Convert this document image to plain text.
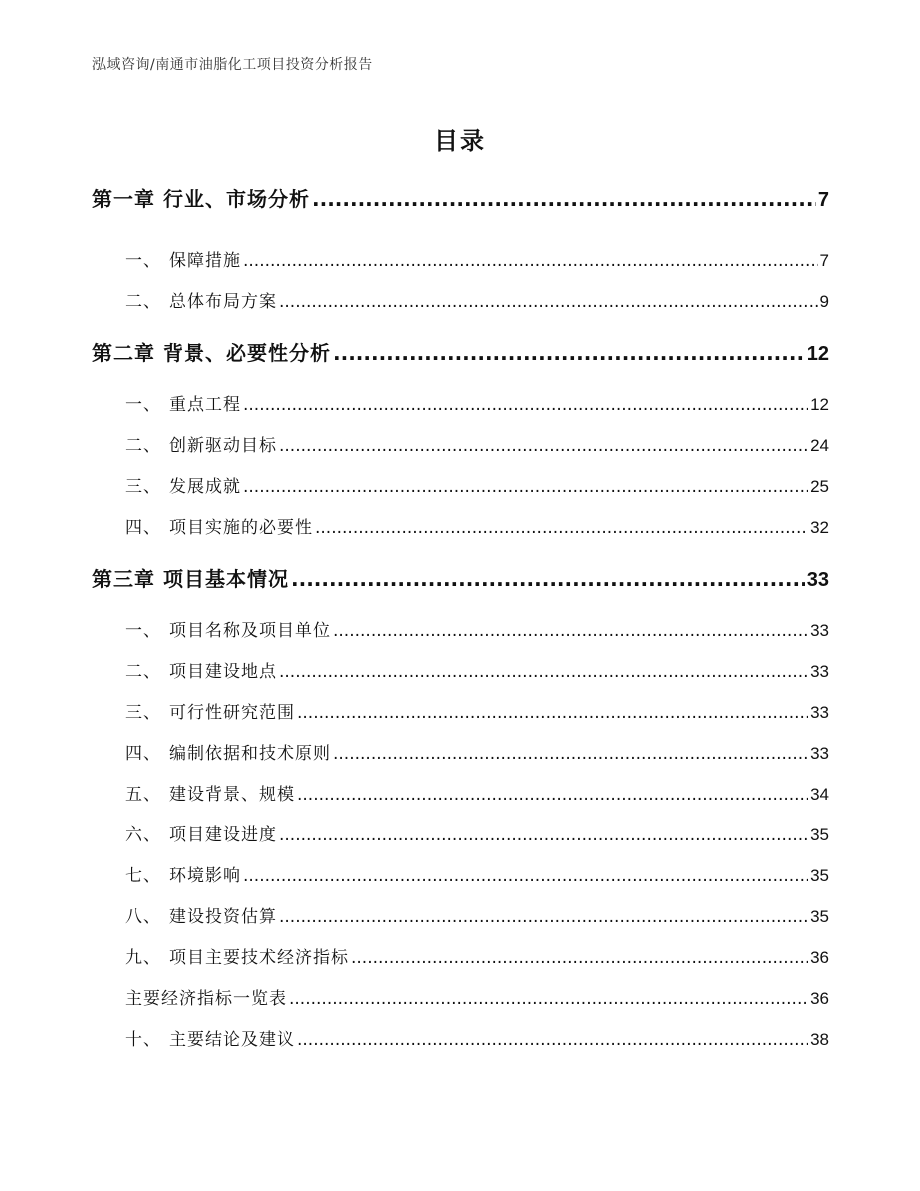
泓域咨询/南通市油脂化工项目投资分析报告
目录
第一章 行业、市场分析 .....	7
一、 保障措施 .....	7
二、 总体布局方案 .....	9
第二章 背景、必要性分析 .....	12
一、 重点工程 .....	12
二、 创新驱动目标 .....	24
三、 发展成就 .....	25
四、 项目实施的必要性 .....	32
第三章 项目基本情况 .....	33
一、 项目名称及项目单位 .....	33
二、 项目建设地点 .....	33
三、 可行性研究范围 .....	33
四、 编制依据和技术原则 .....	33
五、 建设背景、规模 .....	34
六、 项目建设进度 .....	35
七、 环境影响 .....	35
八、 建设投资估算 .....	35
九、 项目主要技术经济指标 .....	36
主要经济指标一览表 .....	36
十、 主要结论及建议 .....	38
